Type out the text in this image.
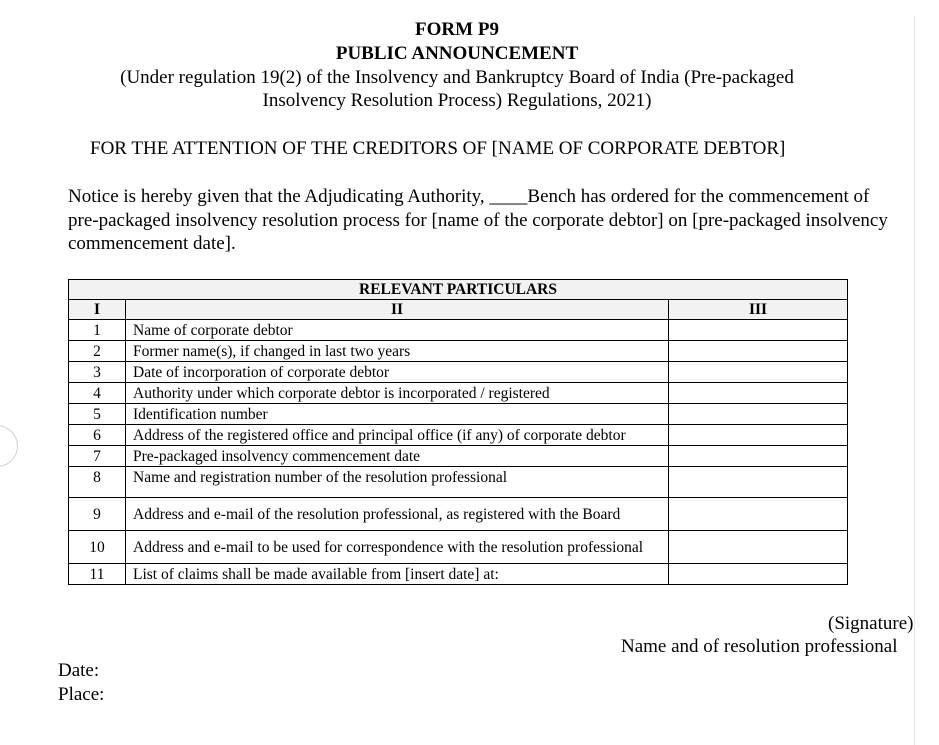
FORM P9
PUBLIC ANNOUNCEMENT
(Under regulation 19(2) of the Insolvency and Bankruptcy Board of India (Pre-packaged
Insolvency Resolution Process) Regulations, 2021)
FOR THE ATTENTION OF THE CREDITORS OF [NAME OF CORPORATE DEBTOR]
Notice is hereby given that the Adjudicating Authority, ____Bench has ordered for the commencement of
pre-packaged insolvency resolution process for [name of the corporate debtor] on [pre-packaged insolvency
commencement date].
RELEVANT PARTICULARS		
I	II	III
1	Name of corporate debtor	
2	Former name(s), if changed in last two years	
3	Date of incorporation of corporate debtor	
4	Authority under which corporate debtor is incorporated / registered	
5	Identification number	
6	Address of the registered office and principal office (if any) of corporate debtor	
7	Pre-packaged insolvency commencement date	
8	Name and registration number of the resolution professional	
9	Address and e-mail of the resolution professional, as registered with the Board	
10	Address and e-mail to be used for correspondence with the resolution professional	
11	List of claims shall be made available from [insert date] at:	
(Signature)
Name and of resolution professional
Date:
Place:
